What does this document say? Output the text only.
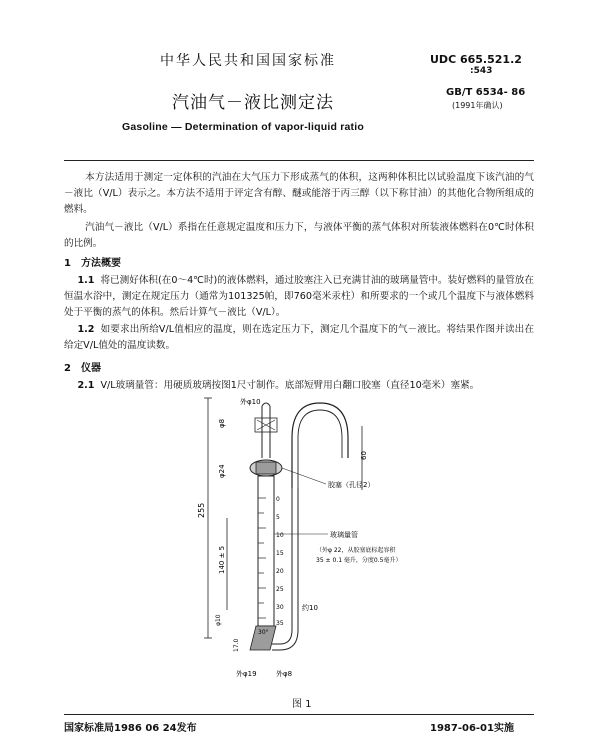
中华人民共和国国家标准	UDC 665.521.2
:543
汽油气－液比测定法
GB/T 6534- 86
(1991年确认)
Gasoline — Determination of vapor-liquid ratio
本方法适用于测定一定体积的汽油在大气压力下形成蒸气的体积，这两种体积比以试验温度下该汽油的气－液比（V/L）表示之。本方法不适用于评定含有醇、醚或能溶于丙三醇（以下称甘油）的其他化合物所组成的燃料。
汽油气－液比（V/L）系指在任意规定温度和压力下，与液体平衡的蒸气体积对所装液体燃料在0℃时体积的比例。
1　方法概要
1.1 将已测好体积(在0～4℃时)的液体燃料，通过胶塞注入已充满甘油的玻璃量管中。装好燃料的量管放在恒温水浴中，测定在规定压力（通常为101325帕，即760毫米汞柱）和所要求的一个或几个温度下与液体燃料处于平衡的蒸气的体积。然后计算气－液比（V/L）。
1.2 如要求出所给V/L值相应的温度，则在选定压力下，测定几个温度下的气－液比。将结果作图并读出在给定V/L值处的温度读数。
2　仪器
2.1 V/L玻璃量管：用硬质玻璃按图1尺寸制作。底部短臂用白翻口胶塞（直径10毫米）塞紧。
255
140 ± 5
φ8
φ24
外φ10
60
0
5
10
15
20
25
30
35
胶塞（孔径2）
玻璃量管
（外φ 22，从胶塞底标起容积
35 ± 0.1 毫升，分度0.5毫升）
约10
30°
φ10
17.0
外φ19	外φ8
图 1
国家标准局1986 06 24发布	1987-06-01实施
